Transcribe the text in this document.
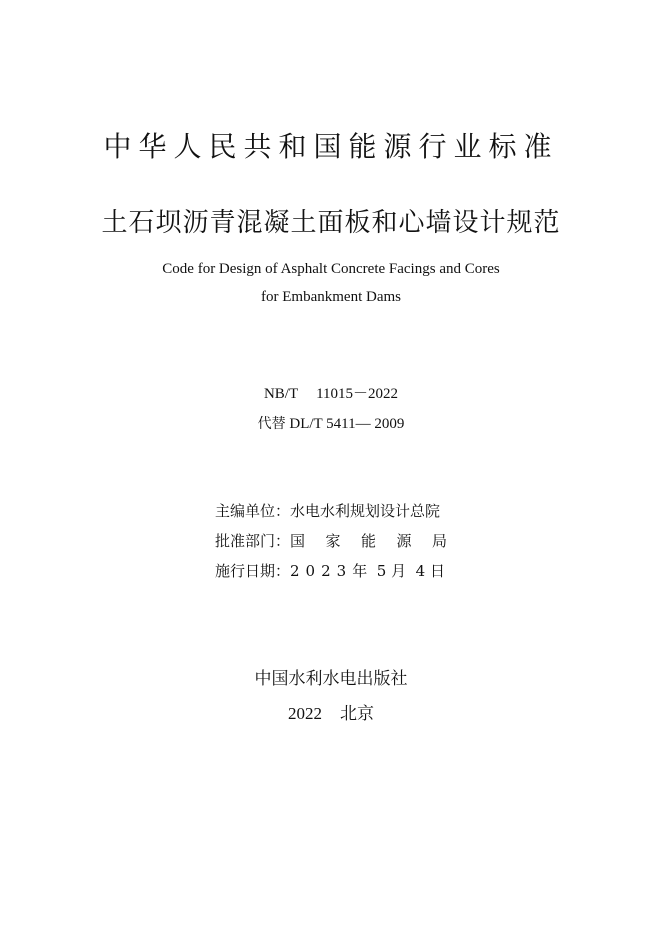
中华人民共和国能源行业标准
土石坝沥青混凝土面板和心墙设计规范
Code for Design of Asphalt Concrete Facings and Cores
for Embankment Dams
NB/T 11015－2022
代替 DL/T 5411— 2009
主编单位： 水电水利规划设计总院
批准部门： 国 家 能 源 局
施行日期： 2023年 5 月 4 日
中国水利水电出版社
2022 北京
